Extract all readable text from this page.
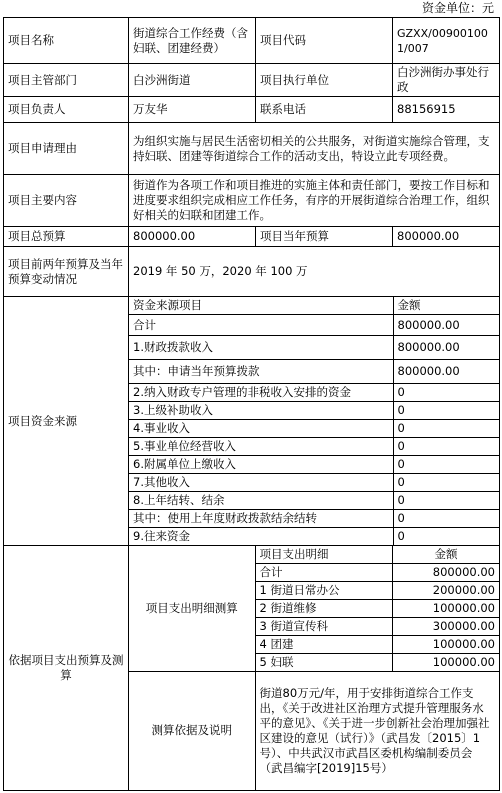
资金单位：元
项目名称	街道综合工作经费（含妇联、团建经费）	项目代码	GZXX/009001001/007
项目主管部门	白沙洲街道	项目执行单位	白沙洲街办事处行政
项目负责人	万友华	联系电话	88156915
项目申请理由	为组织实施与居民生活密切相关的公共服务，对街道实施综合管理，支持妇联、团建等街道综合工作的活动支出，特设立此专项经费。
项目主要内容	街道作为各项工作和项目推进的实施主体和责任部门，要按工作目标和进度要求组织完成相应工作任务，有序的开展街道综合治理工作，组织好相关的妇联和团建工作。
项目总预算	800000.00	项目当年预算	800000.00
项目前两年预算及当年预算变动情况	2019 年 50 万，2020 年 100 万
项目资金来源	
资金来源项目	金额
合计	800000.00
1.财政拨款收入	800000.00
其中：申请当年预算拨款	800000.00
2.纳入财政专户管理的非税收入安排的资金	0
3.上级补助收入	0
4.事业收入	0
5.事业单位经营收入	0
6.附属单位上缴收入	0
7.其他收入	0
8.上年结转、结余	0
其中：使用上年度财政拨款结余结转	0
9.往来资金	0

依据项目支出预算及测算	
项目支出明细测算	
项目支出明细	金额
合计	800000.00
1 街道日常办公	200000.00
2 街道维修	100000.00
3 街道宣传科	300000.00
4 团建	100000.00
5 妇联	100000.00

测算依据及说明	街道80万元/年，用于安排街道综合工作支出，《关于改进社区治理方式提升管理服务水平的意见》、《关于进一步创新社会治理加强社区建设的意见（试行）》（武昌发〔2015〕1号）、中共武汉市武昌区委机构编制委员会（武昌编字[2019]15号）
